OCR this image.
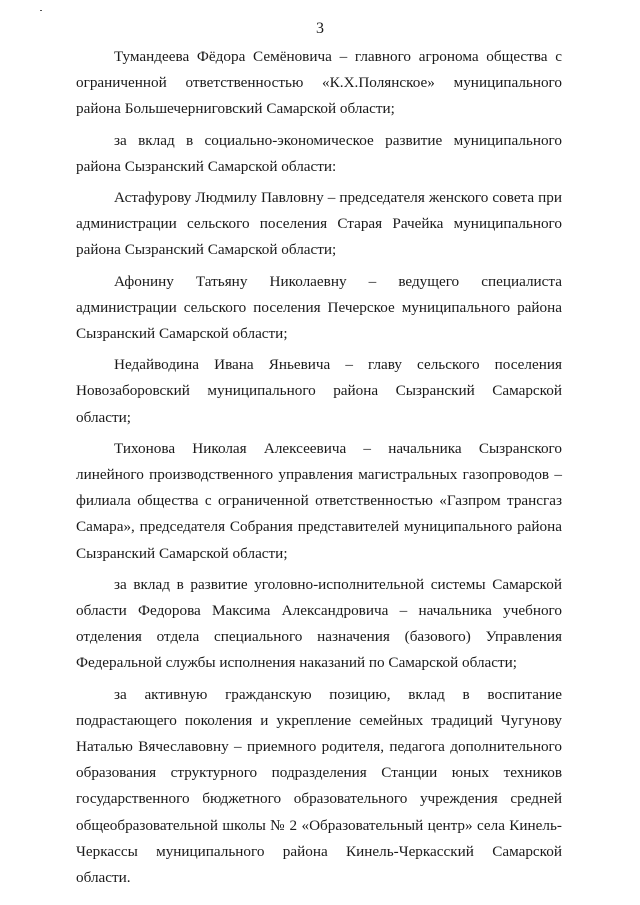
3

Тумандеева Фёдора Семёновича – главного агронома общества с ограниченной ответственностью «К.Х.Полянское» муниципального района Большечерниговский Самарской области;

за вклад в социально-экономическое развитие муниципального района Сызранский Самарской области:

Астафурову Людмилу Павловну – председателя женского совета при администрации сельского поселения Старая Рачейка муниципального района Сызранский Самарской области;

Афонину Татьяну Николаевну – ведущего специалиста администрации сельского поселения Печерское муниципального района Сызранский Самарской области;

Недайводина Ивана Яньевича – главу сельского поселения Новозаборовский муниципального района Сызранский Самарской области;

Тихонова Николая Алексеевича – начальника Сызранского линейного производственного управления магистральных газопроводов – филиала общества с ограниченной ответственностью «Газпром трансгаз Самара», председателя Собрания представителей муниципального района Сызранский Самарской области;

за вклад в развитие уголовно-исполнительной системы Самарской области Федорова Максима Александровича – начальника учебного отделения отдела специального назначения (базового) Управления Федеральной службы исполнения наказаний по Самарской области;

за активную гражданскую позицию, вклад в воспитание подрастающего поколения и укрепление семейных традиций Чугунову Наталью Вячеславовну – приемного родителя, педагога дополнительного образования структурного подразделения Станции юных техников государственного бюджетного образовательного учреждения средней общеобразовательной школы № 2 «Образовательный центр» села Кинель-Черкассы муниципального района Кинель-Черкасский Самарской области.
